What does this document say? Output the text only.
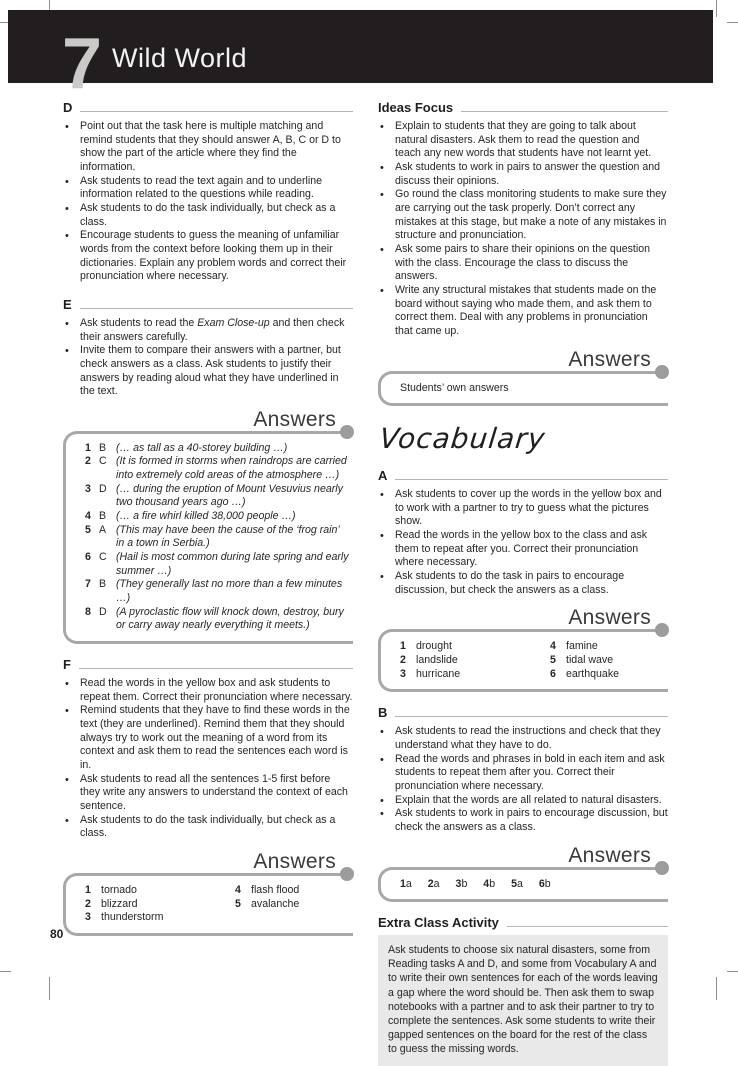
7 Wild World
D
• Point out that the task here is multiple matching and remind students that they should answer A, B, C or D to show the part of the article where they find the information.
• Ask students to read the text again and to underline information related to the questions while reading.
• Ask students to do the task individually, but check as a class.
• Encourage students to guess the meaning of unfamiliar words from the context before looking them up in their dictionaries. Explain any problem words and correct their pronunciation where necessary.
E
• Ask students to read the Exam Close-up and then check their answers carefully.
• Invite them to compare their answers with a partner, but check answers as a class. Ask students to justify their answers by reading aloud what they have underlined in the text.
Answers
1 B (… as tall as a 40-storey building …)
2 C (It is formed in storms when raindrops are carried into extremely cold areas of the atmosphere …)
3 D (… during the eruption of Mount Vesuvius nearly two thousand years ago …)
4 B (… a fire whirl killed 38,000 people …)
5 A (This may have been the cause of the ‘frog rain’ in a town in Serbia.)
6 C (Hail is most common during late spring and early summer …)
7 B (They generally last no more than a few minutes …)
8 D (A pyroclastic flow will knock down, destroy, bury or carry away nearly everything it meets.)
F
• Read the words in the yellow box and ask students to repeat them. Correct their pronunciation where necessary.
• Remind students that they have to find these words in the text (they are underlined). Remind them that they should always try to work out the meaning of a word from its context and ask them to read the sentences each word is in.
• Ask students to read all the sentences 1-5 first before they write any answers to understand the context of each sentence.
• Ask students to do the task individually, but check as a class.
Answers
1 tornado
2 blizzard
3 thunderstorm
4 flash flood
5 avalanche
Ideas Focus
• Explain to students that they are going to talk about natural disasters. Ask them to read the question and teach any new words that students have not learnt yet.
• Ask students to work in pairs to answer the question and discuss their opinions.
• Go round the class monitoring students to make sure they are carrying out the task properly. Don’t correct any mistakes at this stage, but make a note of any mistakes in structure and pronunciation.
• Ask some pairs to share their opinions on the question with the class. Encourage the class to discuss the answers.
• Write any structural mistakes that students made on the board without saying who made them, and ask them to correct them. Deal with any problems in pronunciation that came up.
Answers
Students’ own answers
Vocabulary
A
• Ask students to cover up the words in the yellow box and to work with a partner to try to guess what the pictures show.
• Read the words in the yellow box to the class and ask them to repeat after you. Correct their pronunciation where necessary.
• Ask students to do the task in pairs to encourage discussion, but check the answers as a class.
Answers
1 drought
2 landslide
3 hurricane
4 famine
5 tidal wave
6 earthquake
B
• Ask students to read the instructions and check that they understand what they have to do.
• Read the words and phrases in bold in each item and ask students to repeat them after you. Correct their pronunciation where necessary.
• Explain that the words are all related to natural disasters.
• Ask students to work in pairs to encourage discussion, but check the answers as a class.
Answers
1a 2a 3b 4b 5a 6b
Extra Class Activity
Ask students to choose six natural disasters, some from Reading tasks A and D, and some from Vocabulary A and to write their own sentences for each of the words leaving a gap where the word should be. Then ask them to swap notebooks with a partner and to ask their partner to try to complete the sentences. Ask some students to write their gapped sentences on the board for the rest of the class to guess the missing words.
80
